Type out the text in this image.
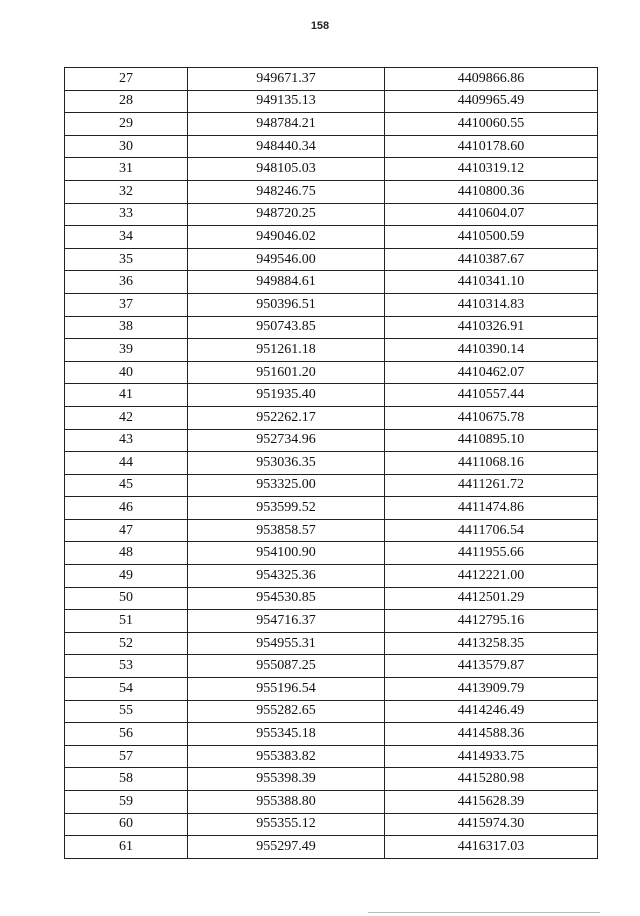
158
27	949671.37	4409866.86
28	949135.13	4409965.49
29	948784.21	4410060.55
30	948440.34	4410178.60
31	948105.03	4410319.12
32	948246.75	4410800.36
33	948720.25	4410604.07
34	949046.02	4410500.59
35	949546.00	4410387.67
36	949884.61	4410341.10
37	950396.51	4410314.83
38	950743.85	4410326.91
39	951261.18	4410390.14
40	951601.20	4410462.07
41	951935.40	4410557.44
42	952262.17	4410675.78
43	952734.96	4410895.10
44	953036.35	4411068.16
45	953325.00	4411261.72
46	953599.52	4411474.86
47	953858.57	4411706.54
48	954100.90	4411955.66
49	954325.36	4412221.00
50	954530.85	4412501.29
51	954716.37	4412795.16
52	954955.31	4413258.35
53	955087.25	4413579.87
54	955196.54	4413909.79
55	955282.65	4414246.49
56	955345.18	4414588.36
57	955383.82	4414933.75
58	955398.39	4415280.98
59	955388.80	4415628.39
60	955355.12	4415974.30
61	955297.49	4416317.03
